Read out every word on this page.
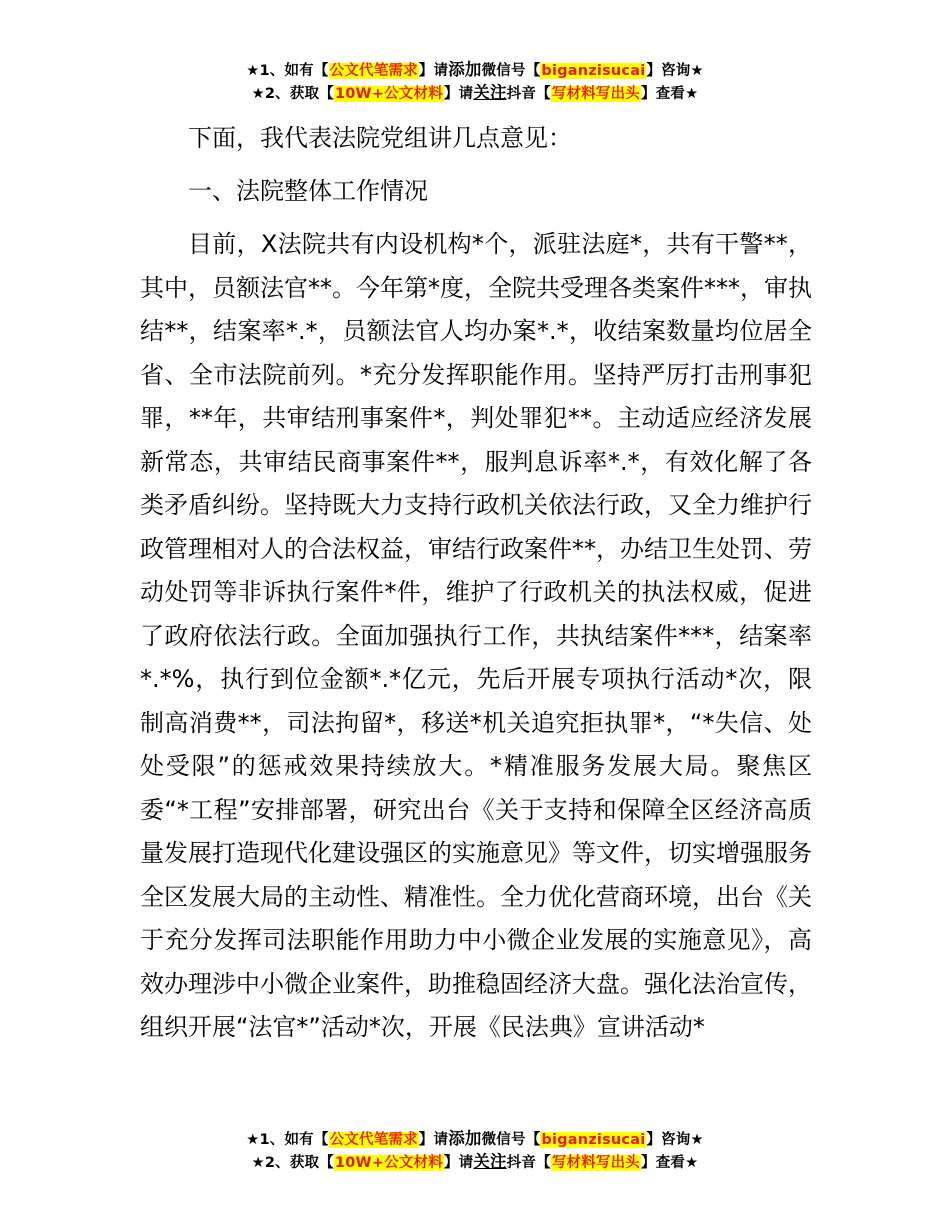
★1、如有【公文代笔需求】请添加微信号【biganzisucai】咨询★
★2、获取【10W+公文材料】请关注抖音【写材料写出头】查看★

下面，我代表法院党组讲几点意见：

一、法院整体工作情况

目前，X法院共有内设机构*个，派驻法庭*，共有干警**，其中，员额法官**。今年第*度，全院共受理各类案件***，审执结**，结案率*.*，员额法官人均办案*.*，收结案数量均位居全省、全市法院前列。*充分发挥职能作用。坚持严厉打击刑事犯罪，**年，共审结刑事案件*，判处罪犯**。主动适应经济发展新常态，共审结民商事案件**，服判息诉率*.*，有效化解了各类矛盾纠纷。坚持既大力支持行政机关依法行政，又全力维护行政管理相对人的合法权益，审结行政案件**，办结卫生处罚、劳动处罚等非诉执行案件*件，维护了行政机关的执法权威，促进了政府依法行政。全面加强执行工作，共执结案件***，结案率*.*%，执行到位金额*.*亿元，先后开展专项执行活动*次，限制高消费**，司法拘留*，移送*机关追究拒执罪*，“*失信、处处受限”的惩戒效果持续放大。*精准服务发展大局。聚焦区委“*工程”安排部署，研究出台《关于支持和保障全区经济高质量发展打造现代化建设强区的实施意见》等文件，切实增强服务全区发展大局的主动性、精准性。全力优化营商环境，出台《关于充分发挥司法职能作用助力中小微企业发展的实施意见》，高效办理涉中小微企业案件，助推稳固经济大盘。强化法治宣传，组织开展“法官*”活动*次，开展《民法典》宣讲活动*

★1、如有【公文代笔需求】请添加微信号【biganzisucai】咨询★
★2、获取【10W+公文材料】请关注抖音【写材料写出头】查看★
